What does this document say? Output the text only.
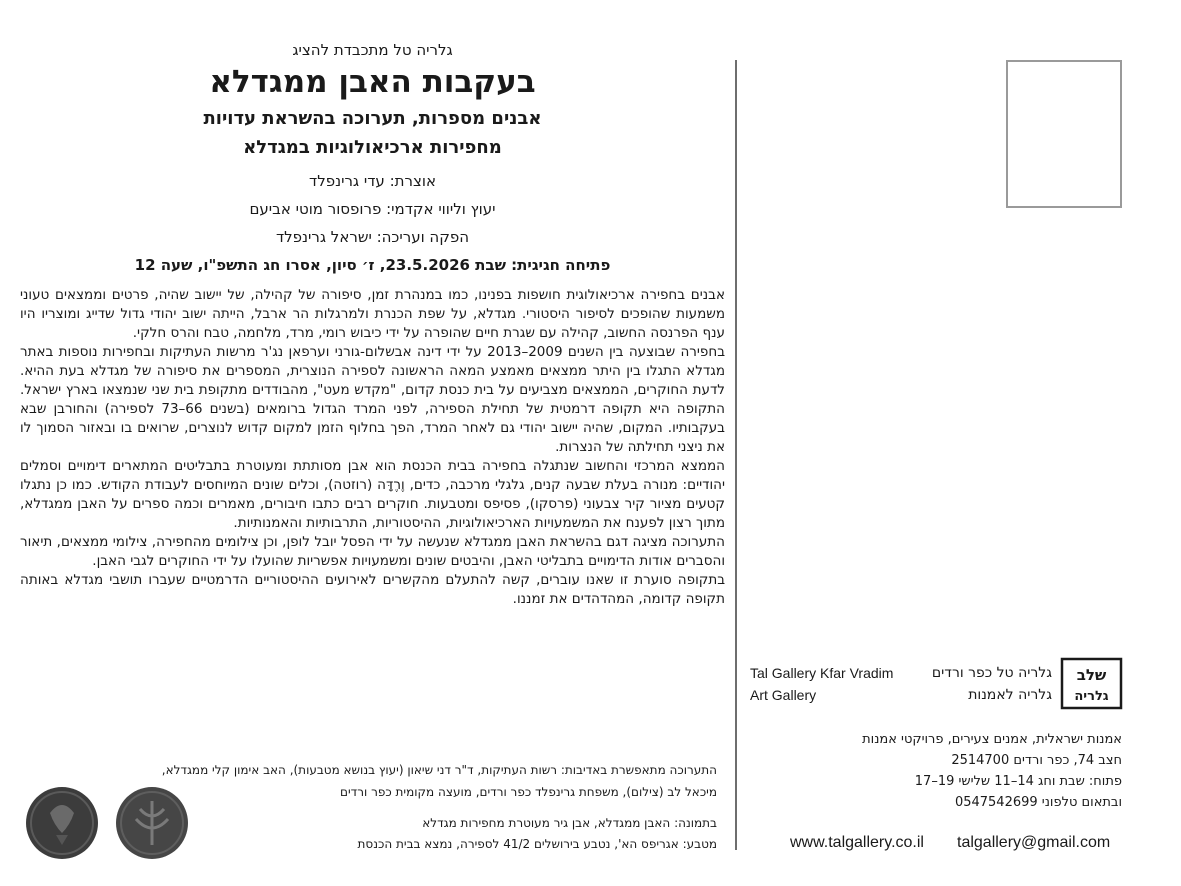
גלריה טל מתכבדת להציג
בעקבות האבן ממגדלא
אבנים מספרות, תערוכה בהשראת עדויות
מחפירות ארכיאולוגיות במגדלא
אוצרת: עדי גרינפלד
יעוץ וליווי אקדמי: פרופסור מוטי אביעם
הפקה ועריכה: ישראל גרינפלד
פתיחה חגיגית: שבת 23.5.2026, ז׳ סיון, אסרו חג התשפ"ו, שעה 12

אבנים בחפירה ארכיאולוגית חושפות בפנינו, כמו במנהרת זמן, סיפורה של קהילה, של יישוב שהיה, פרטים וממצאים טעוני משמעות שהופכים לסיפור היסטורי. מגדלא, על שפת הכנרת ולמרגלות הר ארבל, הייתה ישוב יהודי גדול שדייג ומוצריו היו ענף הפרנסה החשוב, קהילה עם שגרת חיים שהופרה על ידי כיבוש רומי, מרד, מלחמה, טבח והרס חלקי.

בחפירה שבוצעה בין השנים 2009–2013 על ידי דינה אבשלום-גורני וערפאן נג'ר מרשות העתיקות ובחפירות נוספות באתר מגדלא התגלו בין היתר ממצאים מאמצע המאה הראשונה לספירה הנוצרית, המספרים את סיפורה של מגדלא בעת ההיא. לדעת החוקרים, הממצאים מצביעים על בית כנסת קדום, "מקדש מעט", מהבודדים מתקופת בית שני שנמצאו בארץ ישראל. התקופה היא תקופה דרמטית של תחילת הספירה, לפני המרד הגדול ברומאים (בשנים 66–73 לספירה) והחורבן שבא בעקבותיו. המקום, שהיה יישוב יהודי גם לאחר המרד, הפך בחלוף הזמן למקום קדוש לנוצרים, שרואים בו ובאזור הסמוך לו את ניצני תחילתה של הנצרות.

הממצא המרכזי והחשוב שנתגלה בחפירה בבית הכנסת הוא אבן מסותתת ומעוטרת בתבליטים המתארים דימויים וסמלים יהודיים: מנורה בעלת שבעה קנים, גלגלי מרכבה, כדים, וֶרֶדָּה (רוזטה), וכלים שונים המיוחסים לעבודת הקודש. כמו כן נתגלו קטעים מציור קיר צבעוני (פרסקו), פסיפס ומטבעות. חוקרים רבים כתבו חיבורים, מאמרים וכמה ספרים על האבן ממגדלא, מתוך רצון לפענח את המשמעויות הארכיאולוגיות, ההיסטוריות, התרבותיות והאמנותיות.

התערוכה מציגה דגם בהשראת האבן ממגדלא שנעשה על ידי הפסל יובל לופן, וכן צילומים מהחפירה, צילומי ממצאים, תיאור והסברים אודות הדימויים בתבליטי האבן, והיבטים שונים ומשמעויות אפשריות שהועלו על ידי החוקרים לגבי האבן.

בתקופה סוערת זו שאנו עוברים, קשה להתעלם מהקשרים לאירועים ההיסטוריים הדרמטיים שעברו תושבי מגדלא באותה תקופה קדומה, המהדהדים את זמננו.

התערוכה מתאפשרת באדיבות: רשות העתיקות, ד"ר דני שיאון (יעוץ בנושא מטבעות), האב אימון קלי ממגדלא,
מיכאל לב (צילום), משפחת גרינפלד כפר ורדים, מועצה מקומית כפר ורדים
בתמונה: האבן ממגדלא, אבן גיר מעוטרת מחפירות מגדלא
מטבע: אגריפס הא', נטבע בירושלים 41/2 לספירה, נמצא בבית הכנסת
שלב
גלריה
גלריה טל כפר ורדים
גלריה לאמנות
Tal Gallery Kfar Vradim
Art Gallery
אמנות ישראלית, אמנים צעירים, פרויקטי אמנות
חצב 74, כפר ורדים 2514700
פתוח: שבת וחג 14–11 שלישי 19–17
ובתאום טלפוני 0547542699
www.talgallery.co.il talgallery@gmail.com
